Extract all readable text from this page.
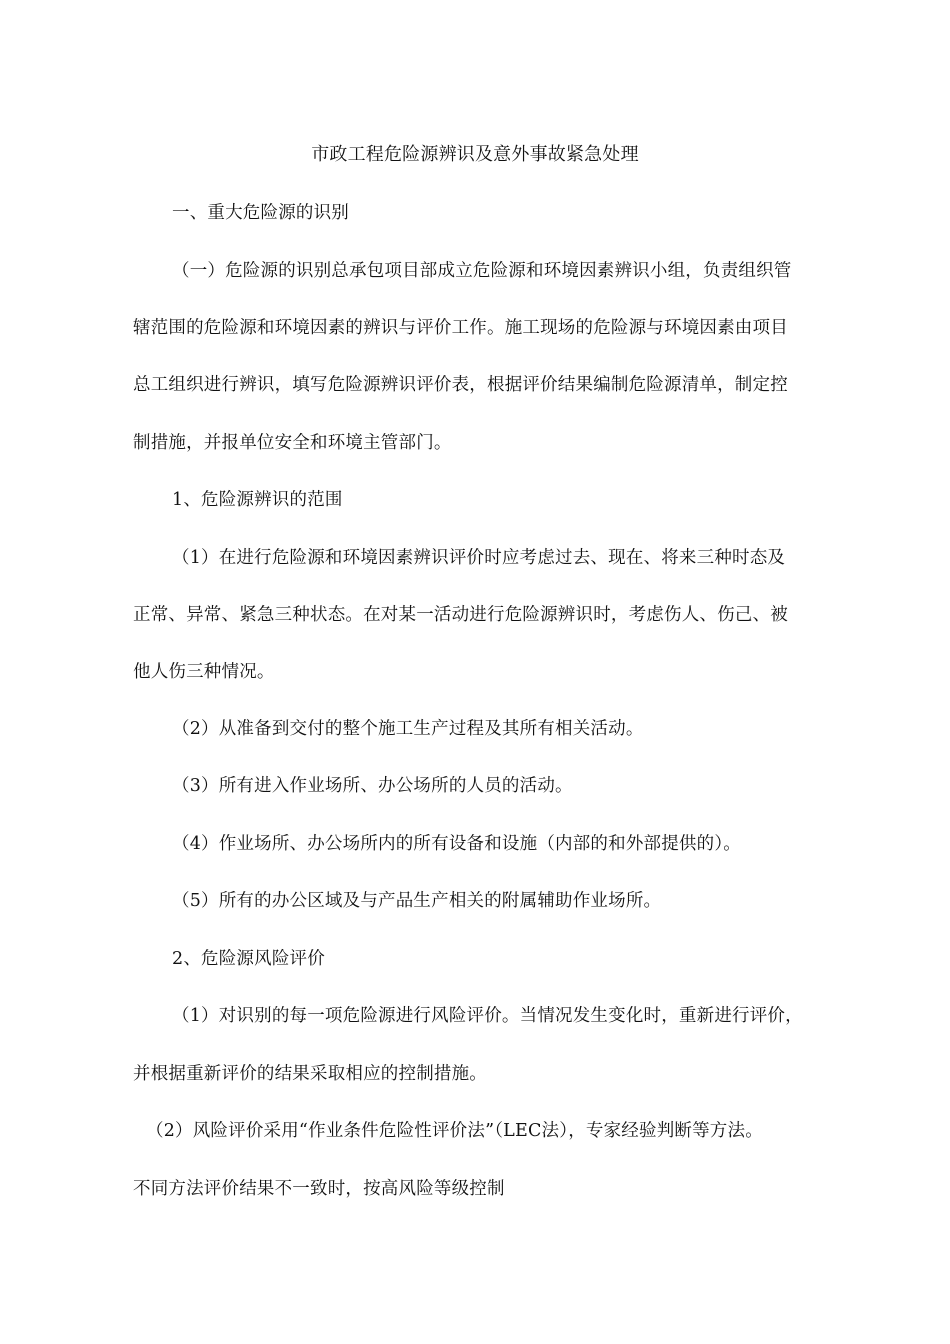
市政工程危险源辨识及意外事故紧急处理
一、重大危险源的识别
（一）危险源的识别总承包项目部成立危险源和环境因素辨识小组，负责组织管
辖范围的危险源和环境因素的辨识与评价工作。施工现场的危险源与环境因素由项目
总工组织进行辨识，填写危险源辨识评价表，根据评价结果编制危险源清单，制定控
制措施，并报单位安全和环境主管部门。
1、危险源辨识的范围
（1）在进行危险源和环境因素辨识评价时应考虑过去、现在、将来三种时态及
正常、异常、紧急三种状态。在对某一活动进行危险源辨识时，考虑伤人、伤己、被
他人伤三种情况。
（2）从准备到交付的整个施工生产过程及其所有相关活动。
（3）所有进入作业场所、办公场所的人员的活动。
（4）作业场所、办公场所内的所有设备和设施（内部的和外部提供的）。
（5）所有的办公区域及与产品生产相关的附属辅助作业场所。
2、危险源风险评价
（1）对识别的每一项危险源进行风险评价。当情况发生变化时，重新进行评价，
并根据重新评价的结果采取相应的控制措施。
（2）风险评价采用“作业条件危险性评价法”（LEC法），专家经验判断等方法。
不同方法评价结果不一致时，按高风险等级控制
